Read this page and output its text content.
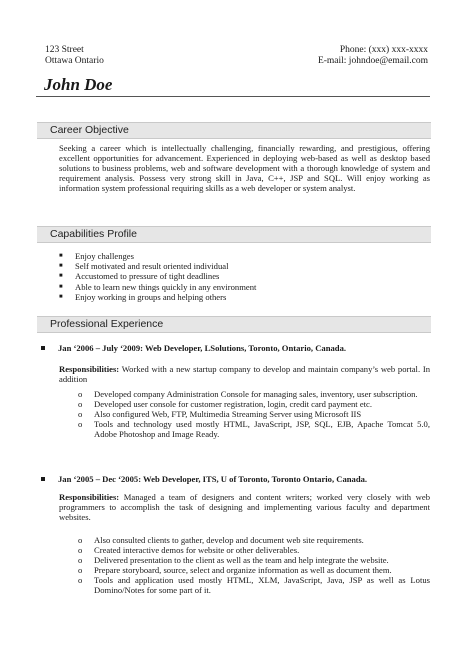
123 Street
Ottawa Ontario
Phone: (xxx) xxx-xxxx
E-mail: johndoe@email.com
John Doe
Career Objective
Seeking a career which is intellectually challenging, financially rewarding, and prestigious, offering excellent opportunities for advancement. Experienced in deploying web-based as well as desktop based solutions to business problems, web and software development with a thorough knowledge of system and requirement analysis. Possess very strong skill in Java, C++, JSP and SQL. Will enjoy working as information system professional requiring skills as a web developer or system analyst.
Capabilities Profile
■ Enjoy challenges
■ Self motivated and result oriented individual
■ Accustomed to pressure of tight deadlines
■ Able to learn new things quickly in any environment
■ Enjoy working in groups and helping others
Professional Experience
Jan ‘2006 – July ‘2009: Web Developer, LSolutions, Toronto, Ontario, Canada.
Responsibilities: Worked with a new startup company to develop and maintain company’s web portal. In addition
o Developed company Administration Console for managing sales, inventory, user subscription.
o Developed user console for customer registration, login, credit card payment etc.
o Also configured Web, FTP, Multimedia Streaming Server using Microsoft IIS
o Tools and technology used mostly HTML, JavaScript, JSP, SQL, EJB, Apache Tomcat 5.0, Adobe Photoshop and Image Ready.
Jan ‘2005 – Dec ‘2005: Web Developer, ITS, U of Toronto, Toronto Ontario, Canada.
Responsibilities: Managed a team of designers and content writers; worked very closely with web programmers to accomplish the task of designing and implementing various faculty and department websites.
o Also consulted clients to gather, develop and document web site requirements.
o Created interactive demos for website or other deliverables.
o Delivered presentation to the client as well as the team and help integrate the website.
o Prepare storyboard, source, select and organize information as well as document them.
o Tools and application used mostly HTML, XLM, JavaScript, Java, JSP as well as Lotus Domino/Notes for some part of it.
